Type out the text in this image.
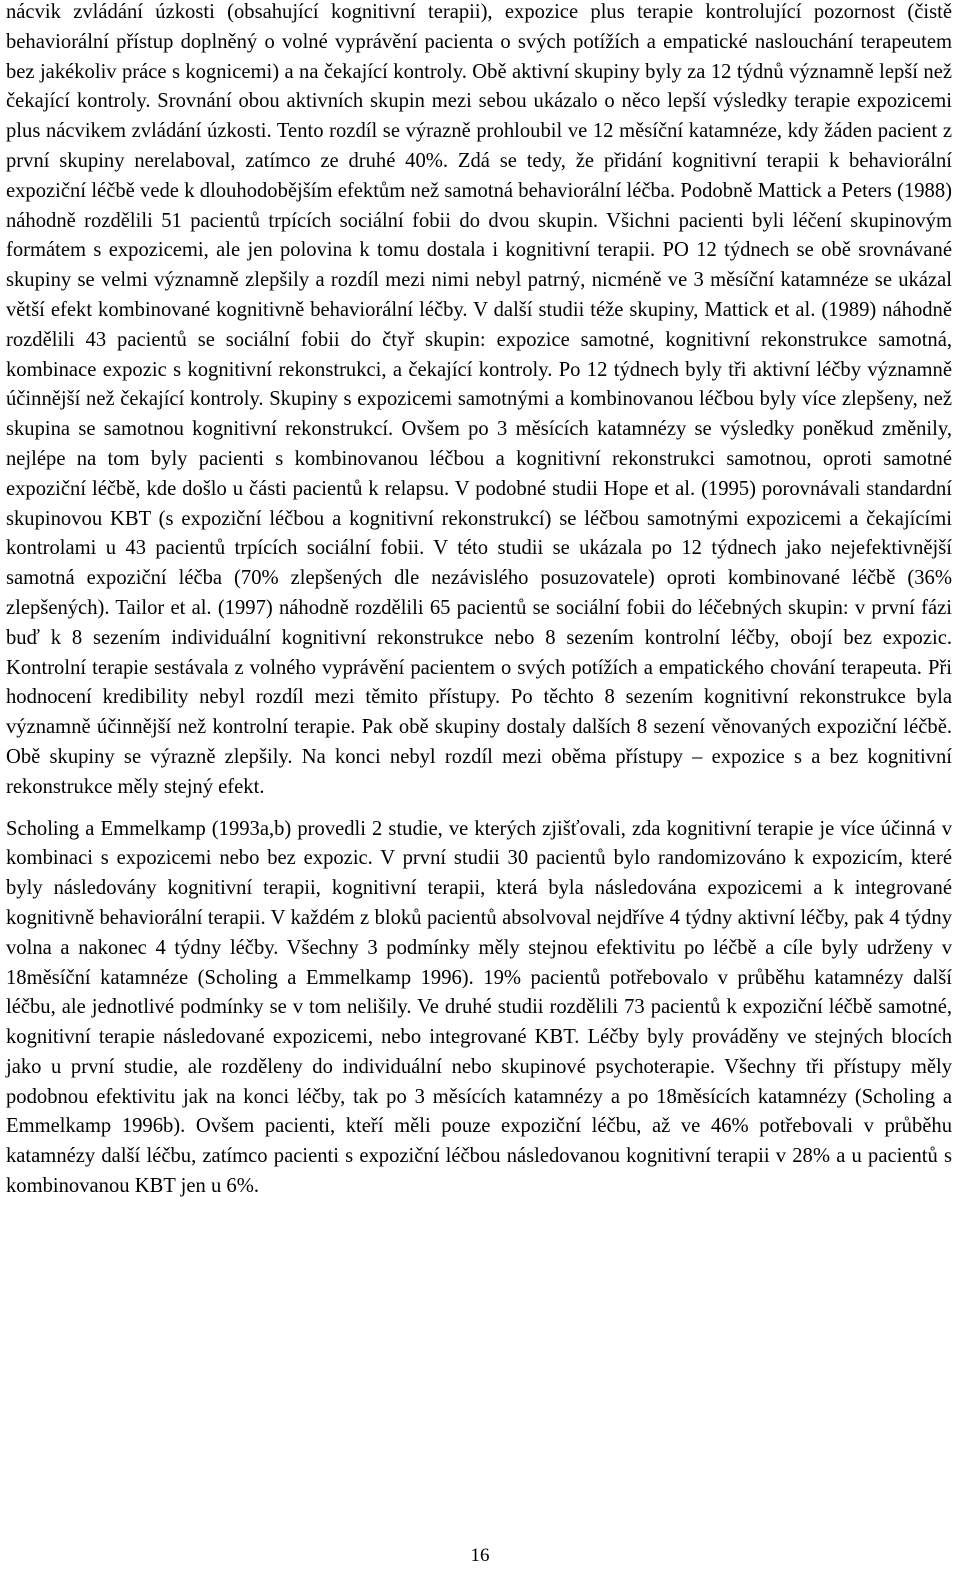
nácvik zvládání úzkosti (obsahující kognitivní terapii), expozice plus terapie kontrolující pozornost (čistě behaviorální přístup doplněný o volné vyprávění pacienta o svých potížích a empatické naslouchání terapeutem bez jakékoliv práce s kognicemi) a na čekající kontroly. Obě aktivní skupiny byly za 12 týdnů významně lepší než čekající kontroly. Srovnání obou aktivních skupin mezi sebou ukázalo o něco lepší výsledky terapie expozicemi plus nácvikem zvládání úzkosti. Tento rozdíl se výrazně prohloubil ve 12 měsíční katamnéze, kdy žáden pacient z první skupiny nerelaboval, zatímco ze druhé 40%. Zdá se tedy, že přidání kognitivní terapii k behaviorální expoziční léčbě vede k dlouhodobějším efektům než samotná behaviorální léčba. Podobně Mattick a Peters (1988) náhodně rozdělili 51 pacientů trpících sociální fobii do dvou skupin. Všichni pacienti byli léčení skupinovým formátem s expozicemi, ale jen polovina k tomu dostala i kognitivní terapii. PO 12 týdnech se obě srovnávané skupiny se velmi významně zlepšily a rozdíl mezi nimi nebyl patrný, nicméně ve 3 měsíční katamnéze se ukázal větší efekt kombinované kognitivně behaviorální léčby. V další studii téže skupiny, Mattick et al. (1989) náhodně rozdělili 43 pacientů se sociální fobii do čtyř skupin: expozice samotné, kognitivní rekonstrukce samotná, kombinace expozic s kognitivní rekonstrukci, a čekající kontroly. Po 12 týdnech byly tři aktivní léčby významně účinnější než čekající kontroly. Skupiny s expozicemi samotnými a kombinovanou léčbou byly více zlepšeny, než skupina se samotnou kognitivní rekonstrukcí. Ovšem po 3 měsících katamnézy se výsledky poněkud změnily, nejlépe na tom byly pacienti s kombinovanou léčbou a kognitivní rekonstrukci samotnou, oproti samotné expoziční léčbě, kde došlo u části pacientů k relapsu. V podobné studii Hope et al. (1995) porovnávali standardní skupinovou KBT (s expoziční léčbou a kognitivní rekonstrukcí) se léčbou samotnými expozicemi a čekajícími kontrolami u 43 pacientů trpících sociální fobii. V této studii se ukázala po 12 týdnech jako nejefektivnější samotná expoziční léčba (70% zlepšených dle nezávislého posuzovatele) oproti kombinované léčbě (36% zlepšených). Tailor et al. (1997) náhodně rozdělili 65 pacientů se sociální fobii do léčebných skupin: v první fázi buď k 8 sezením individuální kognitivní rekonstrukce nebo 8 sezením kontrolní léčby, obojí bez expozic. Kontrolní terapie sestávala z volného vyprávění pacientem o svých potížích a empatického chování terapeuta. Při hodnocení kredibility nebyl rozdíl mezi těmito přístupy. Po těchto 8 sezením kognitivní rekonstrukce byla významně účinnější než kontrolní terapie. Pak obě skupiny dostaly dalších 8 sezení věnovaných expoziční léčbě. Obě skupiny se výrazně zlepšily. Na konci nebyl rozdíl mezi oběma přístupy – expozice s a bez kognitivní rekonstrukce měly stejný efekt.

Scholing a Emmelkamp (1993a,b) provedli 2 studie, ve kterých zjišťovali, zda kognitivní terapie je více účinná v kombinaci s expozicemi nebo bez expozic. V první studii 30 pacientů bylo randomizováno k expozicím, které byly následovány kognitivní terapii, kognitivní terapii, která byla následována expozicemi a k integrované kognitivně behaviorální terapii. V každém z bloků pacientů absolvoval nejdříve 4 týdny aktivní léčby, pak 4 týdny volna a nakonec 4 týdny léčby. Všechny 3 podmínky měly stejnou efektivitu po léčbě a cíle byly udrženy v 18měsíční katamnéze (Scholing a Emmelkamp 1996). 19% pacientů potřebovalo v průběhu katamnézy další léčbu, ale jednotlivé podmínky se v tom nelišily. Ve druhé studii rozdělili 73 pacientů k expoziční léčbě samotné, kognitivní terapie následované expozicemi, nebo integrované KBT. Léčby byly prováděny ve stejných blocích jako u první studie, ale rozděleny do individuální nebo skupinové psychoterapie. Všechny tři přístupy měly podobnou efektivitu jak na konci léčby, tak po 3 měsících katamnézy a po 18měsících katamnézy (Scholing a Emmelkamp 1996b). Ovšem pacienti, kteří měli pouze expoziční léčbu, až ve 46% potřebovali v průběhu katamnézy další léčbu, zatímco pacienti s expoziční léčbou následovanou kognitivní terapii v 28% a u pacientů s kombinovanou KBT jen u 6%.

16
